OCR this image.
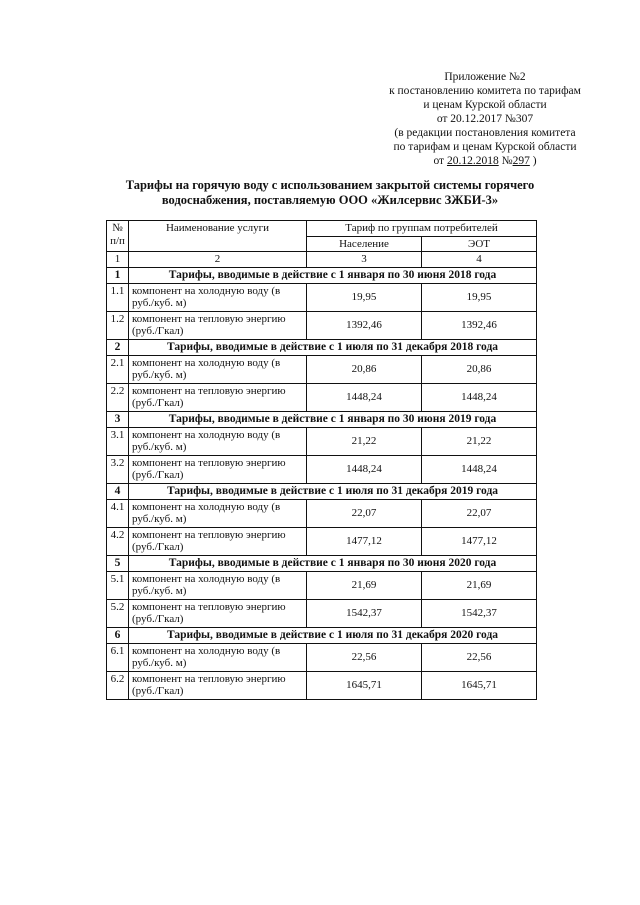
Приложение №2
к постановлению комитета по тарифам
и ценам Курской области
от 20.12.2017 №307
(в редакции постановления комитета
по тарифам и ценам Курской области
от 20.12.2018 №297 )
Тарифы на горячую воду с использованием закрытой системы горячего
водоснабжения, поставляемую ООО «Жилсервис ЗЖБИ-3»
№ п/п	Наименование услуги	Тариф по группам потребителей	
		Население	ЭОТ
1	2	3	4
1	Тарифы, вводимые в действие с 1 января по 30 июня 2018 года		
1.1	компонент на холодную воду (в руб./куб. м)	19,95	19,95
1.2	компонент на тепловую энергию (руб./Гкал)	1392,46	1392,46
2	Тарифы, вводимые в действие с 1 июля по 31 декабря 2018 года		
2.1	компонент на холодную воду (в руб./куб. м)	20,86	20,86
2.2	компонент на тепловую энергию (руб./Гкал)	1448,24	1448,24
3	Тарифы, вводимые в действие с 1 января по 30 июня 2019 года		
3.1	компонент на холодную воду (в руб./куб. м)	21,22	21,22
3.2	компонент на тепловую энергию (руб./Гкал)	1448,24	1448,24
4	Тарифы, вводимые в действие с 1 июля по 31 декабря 2019 года		
4.1	компонент на холодную воду (в руб./куб. м)	22,07	22,07
4.2	компонент на тепловую энергию (руб./Гкал)	1477,12	1477,12
5	Тарифы, вводимые в действие с 1 января по 30 июня 2020 года		
5.1	компонент на холодную воду (в руб./куб. м)	21,69	21,69
5.2	компонент на тепловую энергию (руб./Гкал)	1542,37	1542,37
6	Тарифы, вводимые в действие с 1 июля по 31 декабря 2020 года		
6.1	компонент на холодную воду (в руб./куб. м)	22,56	22,56
6.2	компонент на тепловую энергию (руб./Гкал)	1645,71	1645,71
